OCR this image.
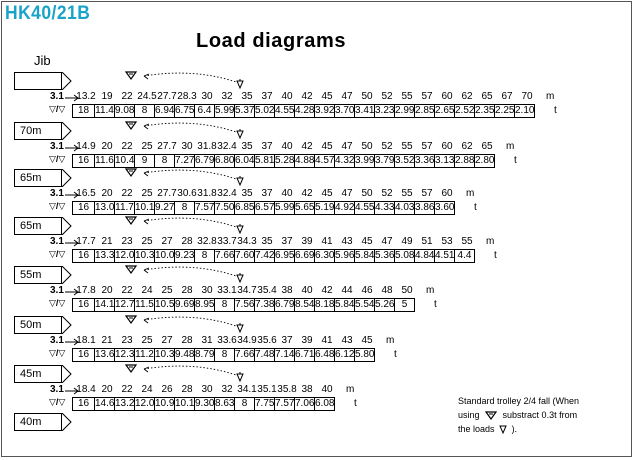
HK40/21B
Load diagrams
Jib
3.1
▽/▽
13.2 19 22 24.5 27.7 28.3 30 32 35 37 40 42 45 47 50 52 55 57 60 62 65 67 70
18 11.4 9.08 8 6.94 6.75 6.4 5.99 5.37 5.02 4.55 4.28 3.92 3.70 3.41 3.23 2.99 2.85 2.65 2.52 2.35 2.25 2.10
m
t
70m
3.1
▽/▽
14.9 20 22 25 27.7 30 31.8 32.4 35 37 40 42 45 47 50 52 55 57 60 62 65
16 11.6 10.4 9	8 7.27 6.79 6.80 6.04 5.81 5.28 4.88 4.57 4.32 3.99 3.79 3.52 3.36 3.13 2.88 2.80
m
t
65m
3.1
▽/▽
16.5 20 22 25 27.7 30.6 31.8 32.4 35 37 40 42 45 47 50 52 55 57 60
16 13.0 11.7 10.1 9.27 8 7.57 7.50 6.85 6.57 5.99 5.65 5.19 4.92 4.55 4.33 4.03 3.86 3.60
m
t
65m
3.1
▽/▽
17.7 21 23 25 27 28 32.8 33.7 34.3 35 37 39 41 43 45 47 49 51 53 55
16 13.3 12.0 10.3 10.0 9.23 8 7.66 7.60 7.42 6.95 6.69 6.30 5.96 5.84 5.36 5.08 4.84 4.51 4.4
m
t
55m
3.1
▽/▽
17.8 20 22 24 25 28 30 33.1 34.7 35.4 38 40 42 44 46 48 50
16 14.1 12.7 11.5 10.5 9.69 8.95 8 7.56 7.38 6.79 8.54 8.18 5.84 5.54 5.26 5
m
t
50m
3.1
▽/▽
18.1 21 23 25 27 28 31 33.6 34.9 35.6 37 39 41 43 45
16 13.6 12.3 11.2 10.3 9.48 8.79 8 7.66 7.48 7.14 6.71 6.48 6.12 5.80
m
t
45m
3.1
▽/▽
18.4 20 22 24 26 28 30 32 34.1 35.1 35.8 38 40
16 14.6 13.2 12.0 10.9 10.1 9.30 8.63 8 7.75 7.57 7.06 6.08
m
t
40m
Standard trolley 2/4 fall (When
using	substract 0.3t from
the loads ).
